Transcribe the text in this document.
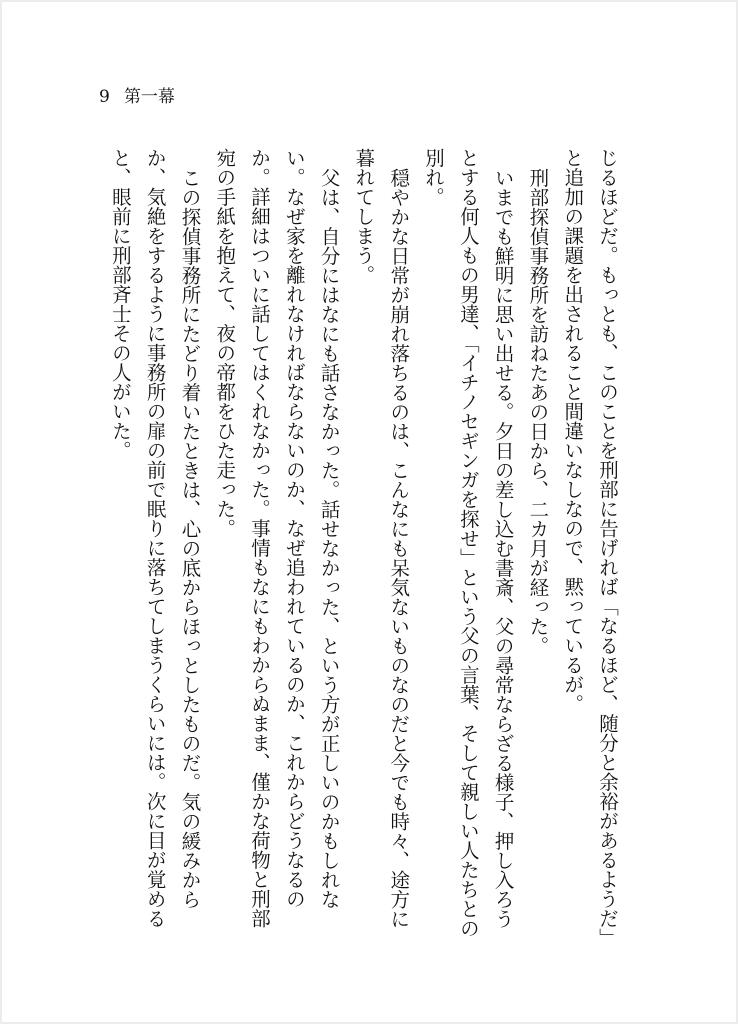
9 第一幕

じるほどだ。もっとも、このことを刑部に告げれば「なるほど、随分と余裕があるようだ」と追加の課題を出されること間違いなしなので、黙っているが。

刑部探偵事務所を訪ねたあの日から、二カ月が経った。

いまでも鮮明に思い出せる。夕日の差し込む書斎、父の尋常ならざる様子、押し入ろうとする何人もの男達、「イチノセギンガを探せ」という父の言葉、そして親しい人たちとの別れ。

穏やかな日常が崩れ落ちるのは、こんなにも呆気ないものなのだと今でも時々、途方に暮れてしまう。

父は、自分にはなにも話さなかった。話せなかった、という方が正しいのかもしれない。なぜ家を離れなければならないのか、なぜ追われているのか、これからどうなるのか。詳細はついに話してはくれなかった。事情もなにもわからぬまま、僅かな荷物と刑部宛の手紙を抱えて、夜の帝都をひた走った。

この探偵事務所にたどり着いたときは、心の底からほっとしたものだ。気の緩みからか、気絶をするように事務所の扉の前で眠りに落ちてしまうくらいには。次に目が覚めると、眼前に刑部斉士その人がいた。
